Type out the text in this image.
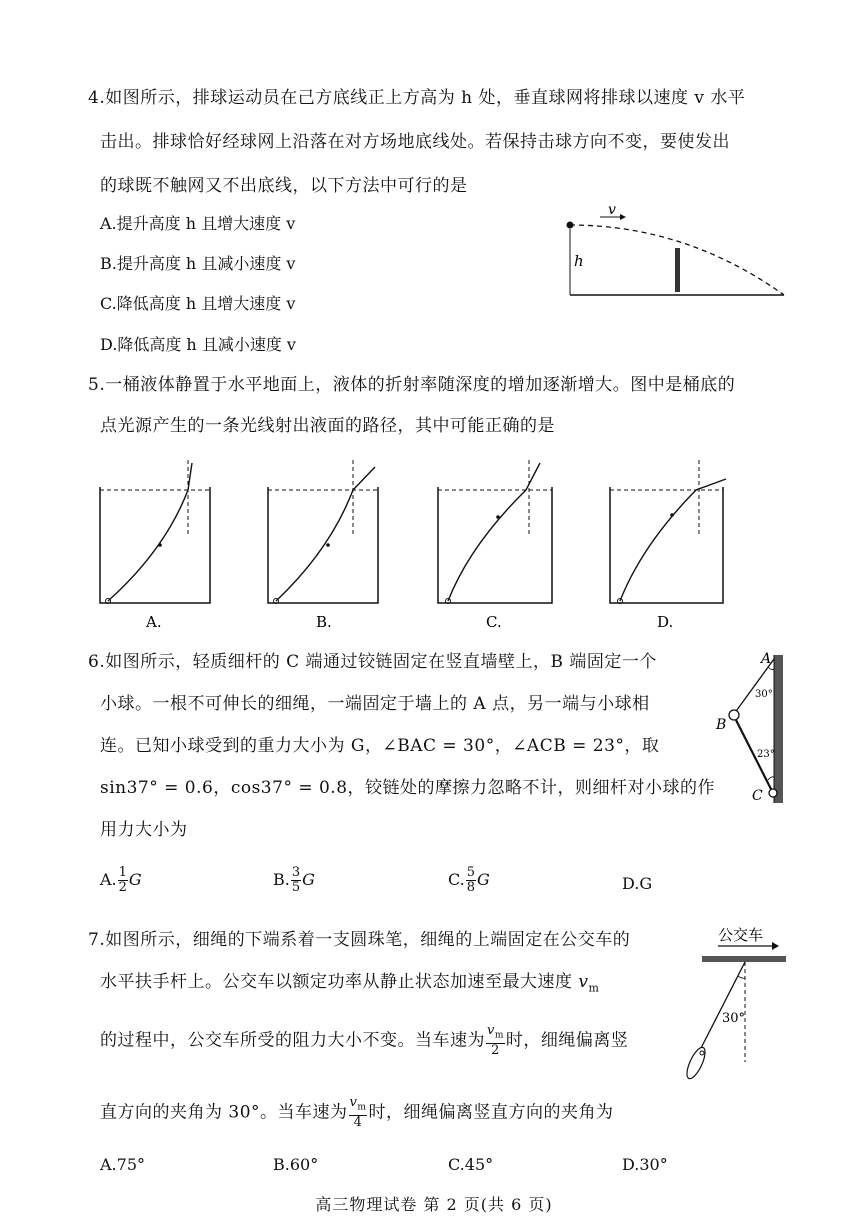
4.如图所示，排球运动员在己方底线正上方高为 h 处，垂直球网将排球以速度 v 水平
击出。排球恰好经球网上沿落在对方场地底线处。若保持击球方向不变，要使发出
的球既不触网又不出底线，以下方法中可行的是
A.提升高度 h 且增大速度 v
B.提升高度 h 且减小速度 v
C.降低高度 h 且增大速度 v
D.降低高度 h 且减小速度 v
v
h
5.一桶液体静置于水平地面上，液体的折射率随深度的增加逐渐增大。图中是桶底的
点光源产生的一条光线射出液面的路径，其中可能正确的是
A.	B.	C.	D.
6.如图所示，轻质细杆的 C 端通过铰链固定在竖直墙壁上，B 端固定一个
小球。一根不可伸长的细绳，一端固定于墙上的 A 点，另一端与小球相
连。已知小球受到的重力大小为 G，∠BAC = 30°，∠ACB = 23°，取
sin37° = 0.6，cos37° = 0.8，铰链处的摩擦力忽略不计，则细杆对小球的作
用力大小为
A. $\frac{1}{2}$ G	B. $\frac{3}{5}$ G	C. $\frac{5}{8}$ G	D.G
A
B
C
30°
23°
7.如图所示，细绳的下端系着一支圆珠笔，细绳的上端固定在公交车的
水平扶手杆上。公交车以额定功率从静止状态加速至最大速度 $v_m$
的过程中，公交车所受的阻力大小不变。当车速为 $\frac{v_m}{2}$ 时，细绳偏离竖
直方向的夹角为 30°。当车速为 $\frac{v_m}{4}$ 时，细绳偏离竖直方向的夹角为
A.75°	B.60°	C.45°	D.30°
公交车
30°
高三物理试卷 第 2 页(共 6 页)
